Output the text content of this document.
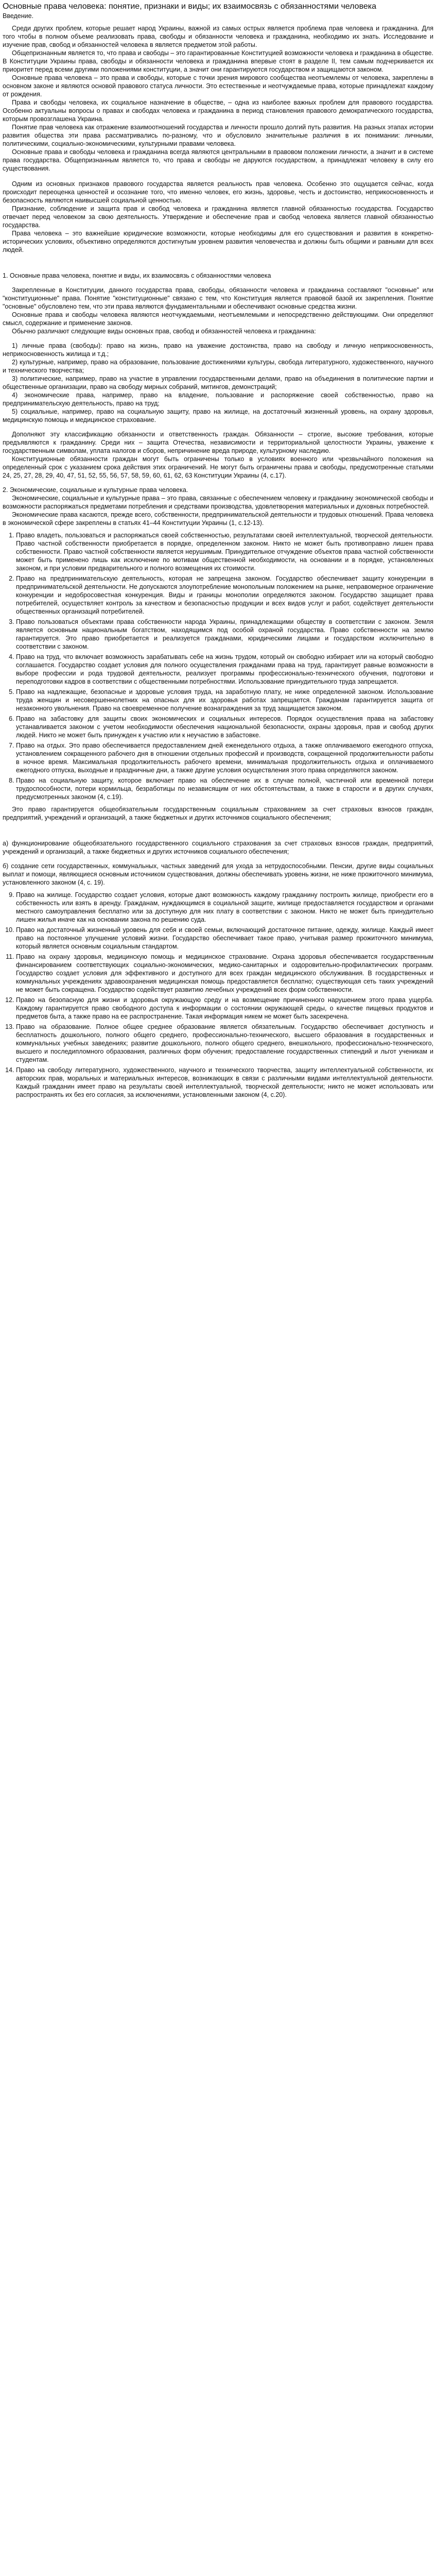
Основные права человека: понятие, признаки и виды; их взаимосвязь с обязанностями человека
Введение.

Среди других проблем, которые решает народ Украины, важной из самых острых является проблема прав человека и гражданина. Для того чтобы в полном объеме реализовать права, свободы и обязанности человека и гражданина, необходимо их знать. Исследование и изучение прав, свобод и обязанностей человека в является предметом этой работы.

Общепризнанным является то, что права и свободы – это гарантированные Конституцией возможности человека и гражданина в обществе. В Конституции Украины права, свободы и обязанности человека и гражданина впервые стоят в разделе II, тем самым подчеркивается их приоритет перед всеми другими положениями конституции, а значит они гарантируются государством и защищаются законом.

Основные права человека – это права и свободы, которые с точки зрения мирового сообщества неотъемлемы от человека, закреплены в основном законе и являются основой правового статуса личности. Это естественные и неотчуждаемые права, которые принадлежат каждому от рождения.

Права и свободы человека, их социальное назначение в обществе, – одна из наиболее важных проблем для правового государства. Особенно актуальны вопросы о правах и свободах человека и гражданина в период становления правового демократического государства, которым провозглашена Украина.

Понятие прав человека как отражение взаимоотношений государства и личности прошло долгий путь развития. На разных этапах истории развития общества эти права рассматривались по-разному, что и обусловило значительные различия в их понимании: личными, политическими, социально-экономическими, культурными правами человека.

Основные права и свободы человека и гражданина всегда являются центральными в правовом положении личности, а значит и в системе права государства. Общепризнанным является то, что права и свободы не даруются государством, а принадлежат человеку в силу его существования.

Одним из основных признаков правового государства является реальность прав человека. Особенно это ощущается сейчас, когда происходит переоценка ценностей и осознание того, что именно человек, его жизнь, здоровье, честь и достоинство, неприкосновенность и безопасность являются наивысшей социальной ценностью.

Признание, соблюдение и защита прав и свобод человека и гражданина является главной обязанностью государства. Государство отвечает перед человеком за свою деятельность. Утверждение и обеспечение прав и свобод человека является главной обязанностью государства.

Права человека – это важнейшие юридические возможности, которые необходимы для его существования и развития в конкретно-исторических условиях, объективно определяются достигнутым уровнем развития человечества и должны быть общими и равными для всех людей.

1. Основные права человека, понятие и виды, их взаимосвязь с обязанностями человека

Закрепленные в Конституции, данного государства права, свободы, обязанности человека и гражданина составляют "основные" или "конституционные" права. Понятие "конституционные" связано с тем, что Конституция является правовой базой их закрепления. Понятие "основные" обусловлено тем, что эти права являются фундаментальными и обеспечивают основные средства жизни.

Основные права и свободы человека являются неотчуждаемыми, неотъемлемыми и непосредственно действующими. Они определяют смысл, содержание и применение законов.

Обычно различают следующие виды основных прав, свобод и обязанностей человека и гражданина:

1) личные права (свободы): право на жизнь, право на уважение достоинства, право на свободу и личную неприкосновенность, неприкосновенность жилища и т.д.;

2) культурные, например, право на образование, пользование достижениями культуры, свобода литературного, художественного, научного и технического творчества;

3) политические, например, право на участие в управлении государственными делами, право на объединения в политические партии и общественные организации, право на свободу мирных собраний, митингов, демонстраций;

4) экономические права, например, право на владение, пользование и распоряжение своей собственностью, право на предпринимательскую деятельность, право на труд;

5) социальные, например, право на социальную защиту, право на жилище, на достаточный жизненный уровень, на охрану здоровья, медицинскую помощь и медицинское страхование.

Дополняют эту классификацию обязанности и ответственность граждан. Обязанности – строгие, высокие требования, которые предъявляются к гражданину. Среди них – защита Отечества, независимости и территориальной целостности Украины, уважение к государственным символам, уплата налогов и сборов, непричинение вреда природе, культурному наследию.

Конституционные обязанности граждан могут быть ограничены только в условиях военного или чрезвычайного положения на определенный срок с указанием срока действия этих ограничений. Не могут быть ограничены права и свободы, предусмотренные статьями 24, 25, 27, 28, 29, 40, 47, 51, 52, 55, 56, 57, 58, 59, 60, 61, 62, 63 Конституции Украины (4, с.17).

2. Экономические, социальные и культурные права человека.

Экономические, социальные и культурные права – это права, связанные с обеспечением человеку и гражданину экономической свободы и возможности распоряжаться предметами потребления и средствами производства, удовлетворения материальных и духовных потребностей.

Экономические права касаются, прежде всего, собственности, предпринимательской деятельности и трудовых отношений. Права человека в экономической сфере закреплены в статьях 41–44 Конституции Украины (1, с.12-13).

1. Право владеть, пользоваться и распоряжаться своей собственностью, результатами своей интеллектуальной, творческой деятельности. Право частной собственности приобретается в порядке, определенном законом. Никто не может быть противоправно лишен права собственности. Право частной собственности является нерушимым. Принудительное отчуждение объектов права частной собственности может быть применено лишь как исключение по мотивам общественной необходимости, на основании и в порядке, установленных законом, и при условии предварительного и полного возмещения их стоимости.
2. Право на предпринимательскую деятельность, которая не запрещена законом. Государство обеспечивает защиту конкуренции в предпринимательской деятельности. Не допускаются злоупотребление монопольным положением на рынке, неправомерное ограничение конкуренции и недобросовестная конкуренция. Виды и границы монополии определяются законом. Государство защищает права потребителей, осуществляет контроль за качеством и безопасностью продукции и всех видов услуг и работ, содействует деятельности общественных организаций потребителей.
3. Право пользоваться объектами права собственности народа Украины, принадлежащими обществу в соответствии с законом. Земля является основным национальным богатством, находящимся под особой охраной государства. Право собственности на землю гарантируется. Это право приобретается и реализуется гражданами, юридическими лицами и государством исключительно в соответствии с законом.
4. Право на труд, что включает возможность зарабатывать себе на жизнь трудом, который он свободно избирает или на который свободно соглашается. Государство создает условия для полного осуществления гражданами права на труд, гарантирует равные возможности в выборе профессии и рода трудовой деятельности, реализует программы профессионально-технического обучения, подготовки и переподготовки кадров в соответствии с общественными потребностями. Использование принудительного труда запрещается.
5. Право на надлежащие, безопасные и здоровые условия труда, на заработную плату, не ниже определенной законом. Использование труда женщин и несовершеннолетних на опасных для их здоровья работах запрещается. Гражданам гарантируется защита от незаконного увольнения. Право на своевременное получение вознаграждения за труд защищается законом.
6. Право на забастовку для защиты своих экономических и социальных интересов. Порядок осуществления права на забастовку устанавливается законом с учетом необходимости обеспечения национальной безопасности, охраны здоровья, прав и свобод других людей. Никто не может быть принужден к участию или к неучастию в забастовке.
7. Право на отдых. Это право обеспечивается предоставлением дней еженедельного отдыха, а также оплачиваемого ежегодного отпуска, установлением сокращенного рабочего дня в отношении отдельных профессий и производств, сокращенной продолжительности работы в ночное время. Максимальная продолжительность рабочего времени, минимальная продолжительность отдыха и оплачиваемого ежегодного отпуска, выходные и праздничные дни, а также другие условия осуществления этого права определяются законом.
8. Право на социальную защиту, которое включает право на обеспечение их в случае полной, частичной или временной потери трудоспособности, потери кормильца, безработицы по независящим от них обстоятельствам, а также в старости и в других случаях, предусмотренных законом (4, с.19).

Это право гарантируется общеобязательным государственным социальным страхованием за счет страховых взносов граждан, предприятий, учреждений и организаций, а также бюджетных и других источников социального обеспечения;

а) функционирование общеобязательного государственного социального страхования за счет страховых взносов граждан, предприятий, учреждений и организаций, а также бюджетных и других источников социального обеспечения;

б) создание сети государственных, коммунальных, частных заведений для ухода за нетрудоспособными. Пенсии, другие виды социальных выплат и помощи, являющиеся основным источником существования, должны обеспечивать уровень жизни, не ниже прожиточного минимума, установленного законом (4, с. 19).

9. Право на жилище. Государство создает условия, которые дают возможность каждому гражданину построить жилище, приобрести его в собственность или взять в аренду. Гражданам, нуждающимся в социальной защите, жилище предоставляется государством и органами местного самоуправления бесплатно или за доступную для них плату в соответствии с законом. Никто не может быть принудительно лишен жилья иначе как на основании закона по решению суда.
10. Право на достаточный жизненный уровень для себя и своей семьи, включающий достаточное питание, одежду, жилище. Каждый имеет право на постоянное улучшение условий жизни. Государство обеспечивает такое право, учитывая размер прожиточного минимума, который является основным социальным стандартом.
11. Право на охрану здоровья, медицинскую помощь и медицинское страхование. Охрана здоровья обеспечивается государственным финансированием соответствующих социально-экономических, медико-санитарных и оздоровительно-профилактических программ. Государство создает условия для эффективного и доступного для всех граждан медицинского обслуживания. В государственных и коммунальных учреждениях здравоохранения медицинская помощь предоставляется бесплатно; существующая сеть таких учреждений не может быть сокращена. Государство содействует развитию лечебных учреждений всех форм собственности.
12. Право на безопасную для жизни и здоровья окружающую среду и на возмещение причиненного нарушением этого права ущерба. Каждому гарантируется право свободного доступа к информации о состоянии окружающей среды, о качестве пищевых продуктов и предметов быта, а также право на ее распространение. Такая информация никем не может быть засекречена.
13. Право на образование. Полное общее среднее образование является обязательным. Государство обеспечивает доступность и бесплатность дошкольного, полного общего среднего, профессионально-технического, высшего образования в государственных и коммунальных учебных заведениях; развитие дошкольного, полного общего среднего, внешкольного, профессионально-технического, высшего и последипломного образования, различных форм обучения; предоставление государственных стипендий и льгот ученикам и студентам.
14. Право на свободу литературного, художественного, научного и технического творчества, защиту интеллектуальной собственности, их авторских прав, моральных и материальных интересов, возникающих в связи с различными видами интеллектуальной деятельности. Каждый гражданин имеет право на результаты своей интеллектуальной, творческой деятельности; никто не может использовать или распространять их без его согласия, за исключениями, установленными законом (4, с.20).
